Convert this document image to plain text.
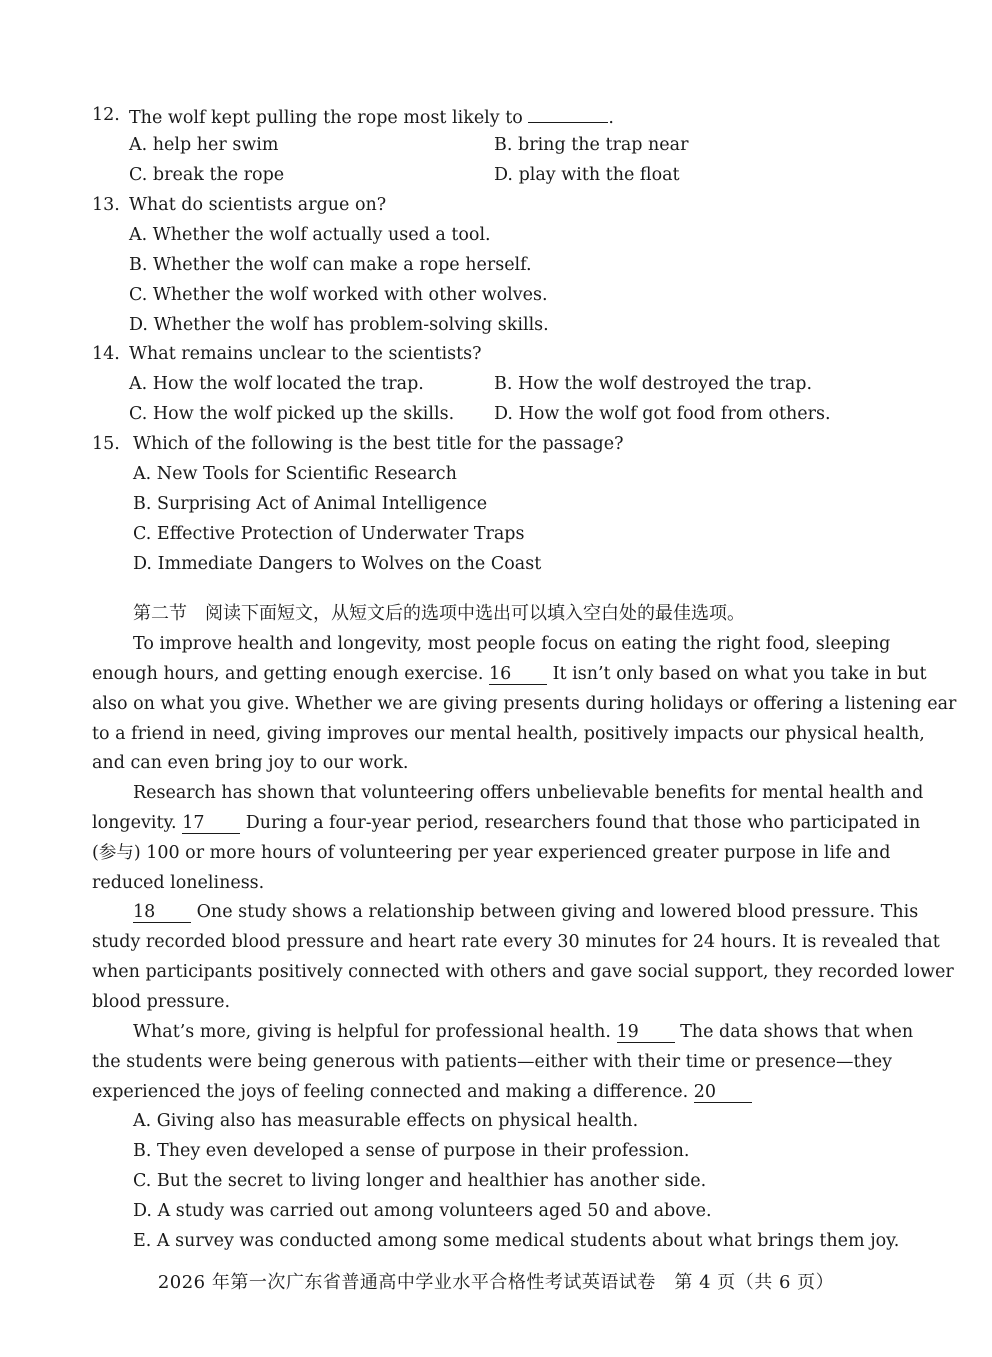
12. The wolf kept pulling the rope most likely to	.
A. help her swim	B. bring the trap near
C. break the rope	D. play with the float
13. What do scientists argue on?
A. Whether the wolf actually used a tool.
B. Whether the wolf can make a rope herself.
C. Whether the wolf worked with other wolves.
D. Whether the wolf has problem-solving skills.
14. What remains unclear to the scientists?
A. How the wolf located the trap.	B. How the wolf destroyed the trap.
C. How the wolf picked up the skills. D. How the wolf got food from others.
15. Which of the following is the best title for the passage?
A. New Tools for Scientific Research
B. Surprising Act of Animal Intelligence
C. Effective Protection of Underwater Traps
D. Immediate Dangers to Wolves on the Coast
第二节　阅读下面短文，从短文后的选项中选出可以填入空白处的最佳选项。
To improve health and longevity, most people focus on eating the right food, sleeping
enough hours, and getting enough exercise. 16 It isn’t only based on what you take in but
also on what you give. Whether we are giving presents during holidays or offering a listening ear
to a friend in need, giving improves our mental health, positively impacts our physical health,
and can even bring joy to our work.
Research has shown that volunteering offers unbelievable benefits for mental health and
longevity. 17 During a four-year period, researchers found that those who participated in
(参与) 100 or more hours of volunteering per year experienced greater purpose in life and
reduced loneliness.
18 One study shows a relationship between giving and lowered blood pressure. This
study recorded blood pressure and heart rate every 30 minutes for 24 hours. It is revealed that
when participants positively connected with others and gave social support, they recorded lower
blood pressure.
What’s more, giving is helpful for professional health. 19 The data shows that when
the students were being generous with patients—either with their time or presence—they
experienced the joys of feeling connected and making a difference. 20
A. Giving also has measurable effects on physical health.
B. They even developed a sense of purpose in their profession.
C. But the secret to living longer and healthier has another side.
D. A study was carried out among volunteers aged 50 and above.
E. A survey was conducted among some medical students about what brings them joy.
2026 年第一次广东省普通高中学业水平合格性考试英语试卷　第 4 页（共 6 页）
